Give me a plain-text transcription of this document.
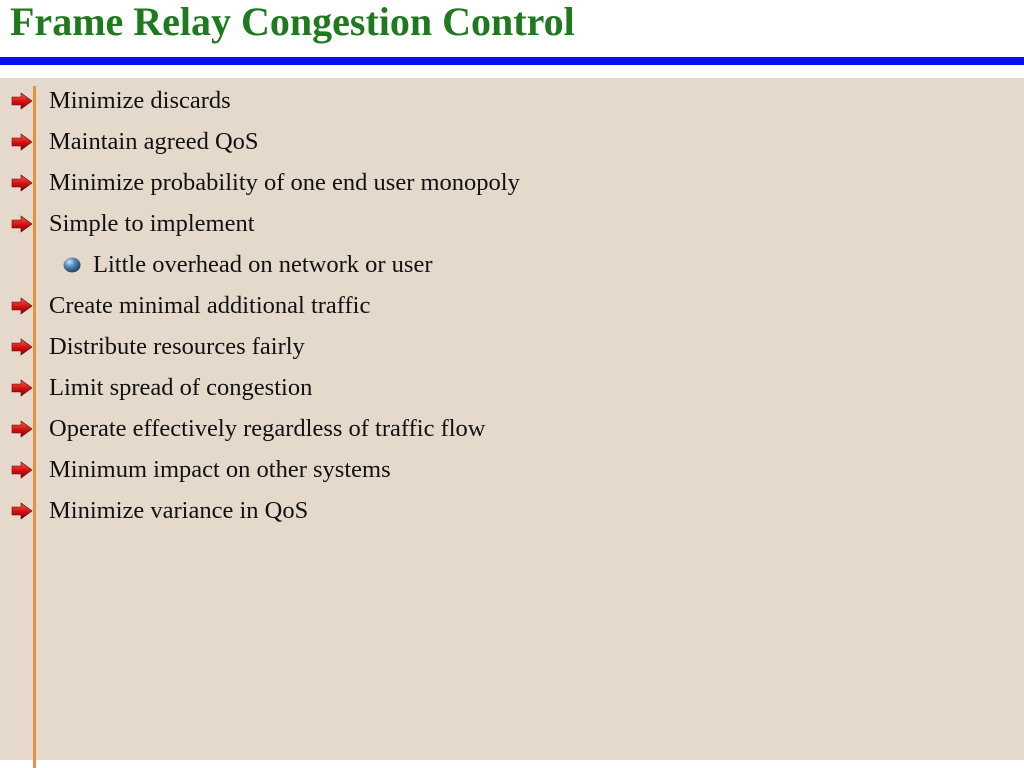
Frame Relay Congestion Control
Minimize discards
Maintain agreed QoS
Minimize probability of one end user monopoly
Simple to implement
Little overhead on network or user
Create minimal additional traffic
Distribute resources fairly
Limit spread of congestion
Operate effectively regardless of traffic flow
Minimum impact on other systems
Minimize variance in QoS
